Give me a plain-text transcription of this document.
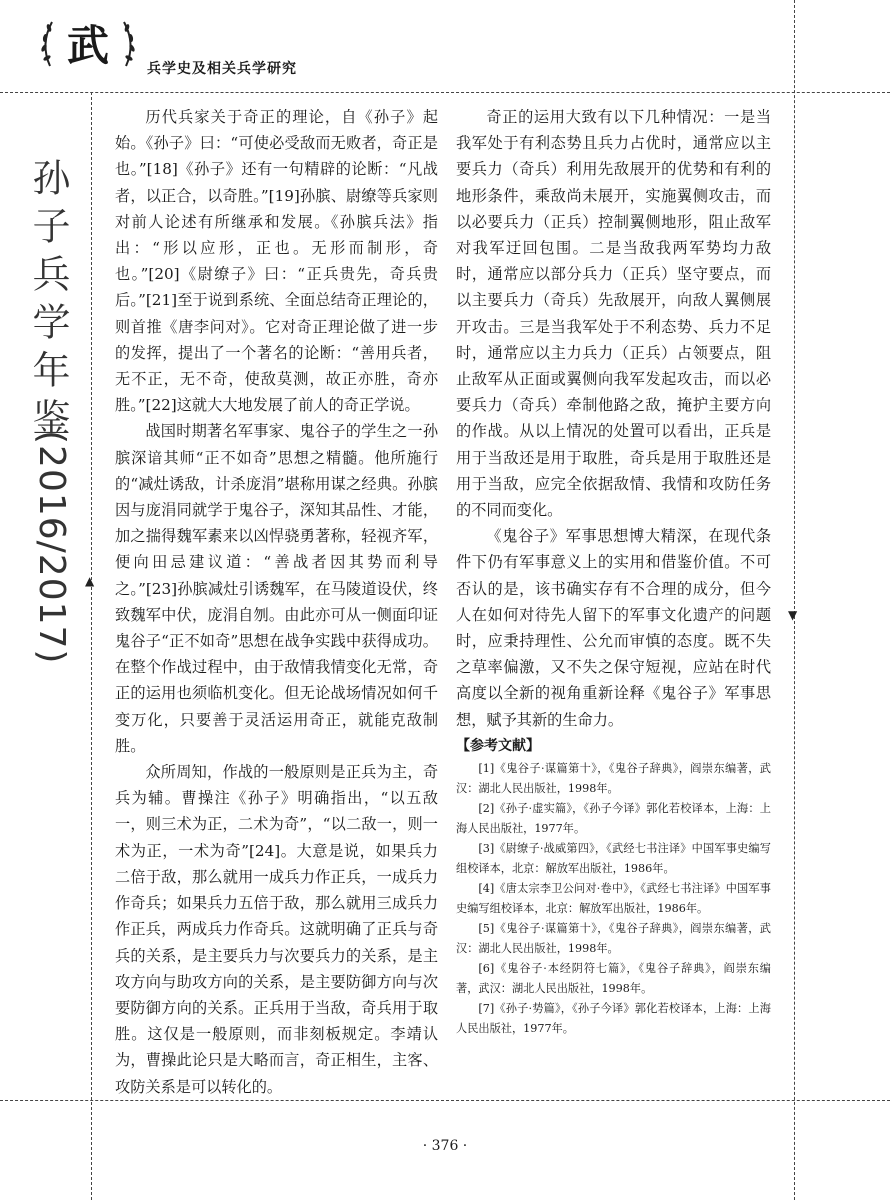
武	兵学史及相关兵学研究
孙子兵学年鉴
(2016/2017) ▲
▼

历代兵家关于奇正的理论，自《孙子》起始。《孙子》曰：“可使必受敌而无败者，奇正是也。”[18]《孙子》还有一句精辟的论断：“凡战者，以正合，以奇胜。”[19]孙膑、尉缭等兵家则对前人论述有所继承和发展。《孙膑兵法》指出：“形以应形，正也。无形而制形，奇也。”[20]《尉缭子》曰：“正兵贵先，奇兵贵后。”[21]至于说到系统、全面总结奇正理论的，则首推《唐李问对》。它对奇正理论做了进一步的发挥，提出了一个著名的论断：“善用兵者，无不正，无不奇，使敌莫测，故正亦胜，奇亦胜。”[22]这就大大地发展了前人的奇正学说。

战国时期著名军事家、鬼谷子的学生之一孙膑深谙其师“正不如奇”思想之精髓。他所施行的“减灶诱敌，计杀庞涓”堪称用谋之经典。孙膑因与庞涓同就学于鬼谷子，深知其品性、才能，加之揣得魏军素来以凶悍骁勇著称，轻视齐军，便向田忌建议道：“善战者因其势而利导之。”[23]孙膑减灶引诱魏军，在马陵道设伏，终致魏军中伏，庞涓自刎。由此亦可从一侧面印证鬼谷子“正不如奇”思想在战争实践中获得成功。在整个作战过程中，由于敌情我情变化无常，奇正的运用也须临机变化。但无论战场情况如何千变万化，只要善于灵活运用奇正，就能克敌制胜。

众所周知，作战的一般原则是正兵为主，奇兵为辅。曹操注《孙子》明确指出，“以五敌一，则三术为正，二术为奇”，“以二敌一，则一术为正，一术为奇”[24]。大意是说，如果兵力二倍于敌，那么就用一成兵力作正兵，一成兵力作奇兵；如果兵力五倍于敌，那么就用三成兵力作正兵，两成兵力作奇兵。这就明确了正兵与奇兵的关系，是主要兵力与次要兵力的关系，是主攻方向与助攻方向的关系，是主要防御方向与次要防御方向的关系。正兵用于当敌，奇兵用于取胜。这仅是一般原则，而非刻板规定。李靖认为，曹操此论只是大略而言，奇正相生，主客、攻防关系是可以转化的。

奇正的运用大致有以下几种情况：一是当我军处于有利态势且兵力占优时，通常应以主要兵力（奇兵）利用先敌展开的优势和有利的地形条件，乘敌尚未展开，实施翼侧攻击，而以必要兵力（正兵）控制翼侧地形，阻止敌军对我军迂回包围。二是当敌我两军势均力敌时，通常应以部分兵力（正兵）坚守要点，而以主要兵力（奇兵）先敌展开，向敌人翼侧展开攻击。三是当我军处于不利态势、兵力不足时，通常应以主力兵力（正兵）占领要点，阻止敌军从正面或翼侧向我军发起攻击，而以必要兵力（奇兵）牵制他路之敌，掩护主要方向的作战。从以上情况的处置可以看出，正兵是用于当敌还是用于取胜，奇兵是用于取胜还是用于当敌，应完全依据敌情、我情和攻防任务的不同而变化。

《鬼谷子》军事思想博大精深，在现代条件下仍有军事意义上的实用和借鉴价值。不可否认的是，该书确实存有不合理的成分，但今人在如何对待先人留下的军事文化遗产的问题时，应秉持理性、公允而审慎的态度。既不失之草率偏激，又不失之保守短视，应站在时代高度以全新的视角重新诠释《鬼谷子》军事思想，赋予其新的生命力。

【参考文献】

[1]《鬼谷子·谋篇第十》，《鬼谷子辞典》，阎崇东编著，武汉：湖北人民出版社，1998年。

[2]《孙子·虚实篇》，《孙子今译》郭化若校译本，上海：上海人民出版社，1977年。

[3]《尉缭子·战威第四》，《武经七书注译》中国军事史编写组校译本，北京：解放军出版社，1986年。

[4]《唐太宗李卫公问对·卷中》，《武经七书注译》中国军事史编写组校译本，北京：解放军出版社，1986年。

[5]《鬼谷子·谋篇第十》，《鬼谷子辞典》，阎崇东编著，武汉：湖北人民出版社，1998年。

[6]《鬼谷子·本经阴符七篇》，《鬼谷子辞典》，阎崇东编著，武汉：湖北人民出版社，1998年。

[7]《孙子·势篇》，《孙子今译》郭化若校译本，上海：上海人民出版社，1977年。

· 376 ·
